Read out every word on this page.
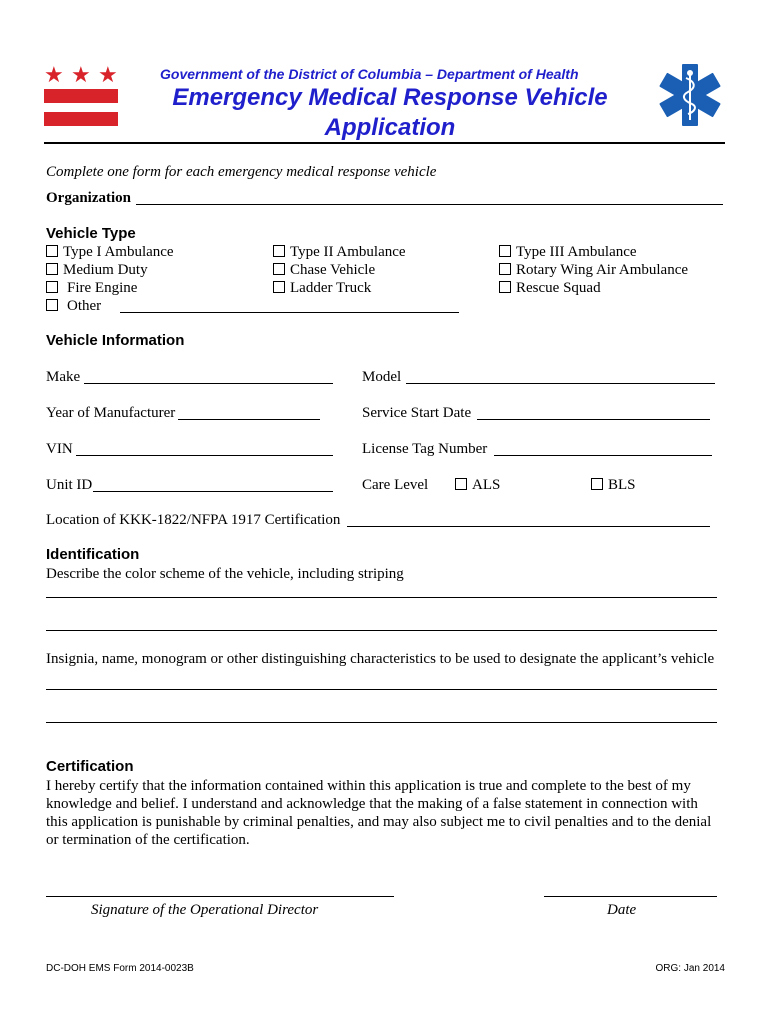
★ ★ ★	Government of the District of Columbia – Department of Health
Emergency Medical Response Vehicle
Application
Complete one form for each emergency medical response vehicle
Organization
Vehicle Type
Type I Ambulance	Type II Ambulance	Type III Ambulance
Medium Duty	Chase Vehicle	Rotary Wing Air Ambulance
Fire Engine	Ladder Truck	Rescue Squad
Other
Vehicle Information
Make	Model
Year of Manufacturer	Service Start Date
VIN	License Tag Number
Unit ID	Care Level	ALS	BLS
Location of KKK-1822/NFPA 1917 Certification
Identification
Describe the color scheme of the vehicle, including striping
Insignia, name, monogram or other distinguishing characteristics to be used to designate the applicant’s vehicle
Certification
I hereby certify that the information contained within this application is true and complete to the best of my
knowledge and belief. I understand and acknowledge that the making of a false statement in connection with
this application is punishable by criminal penalties, and may also subject me to civil penalties and to the denial
or termination of the certification.
Signature of the Operational Director	Date
DC-DOH EMS Form 2014-0023B	ORG: Jan 2014
